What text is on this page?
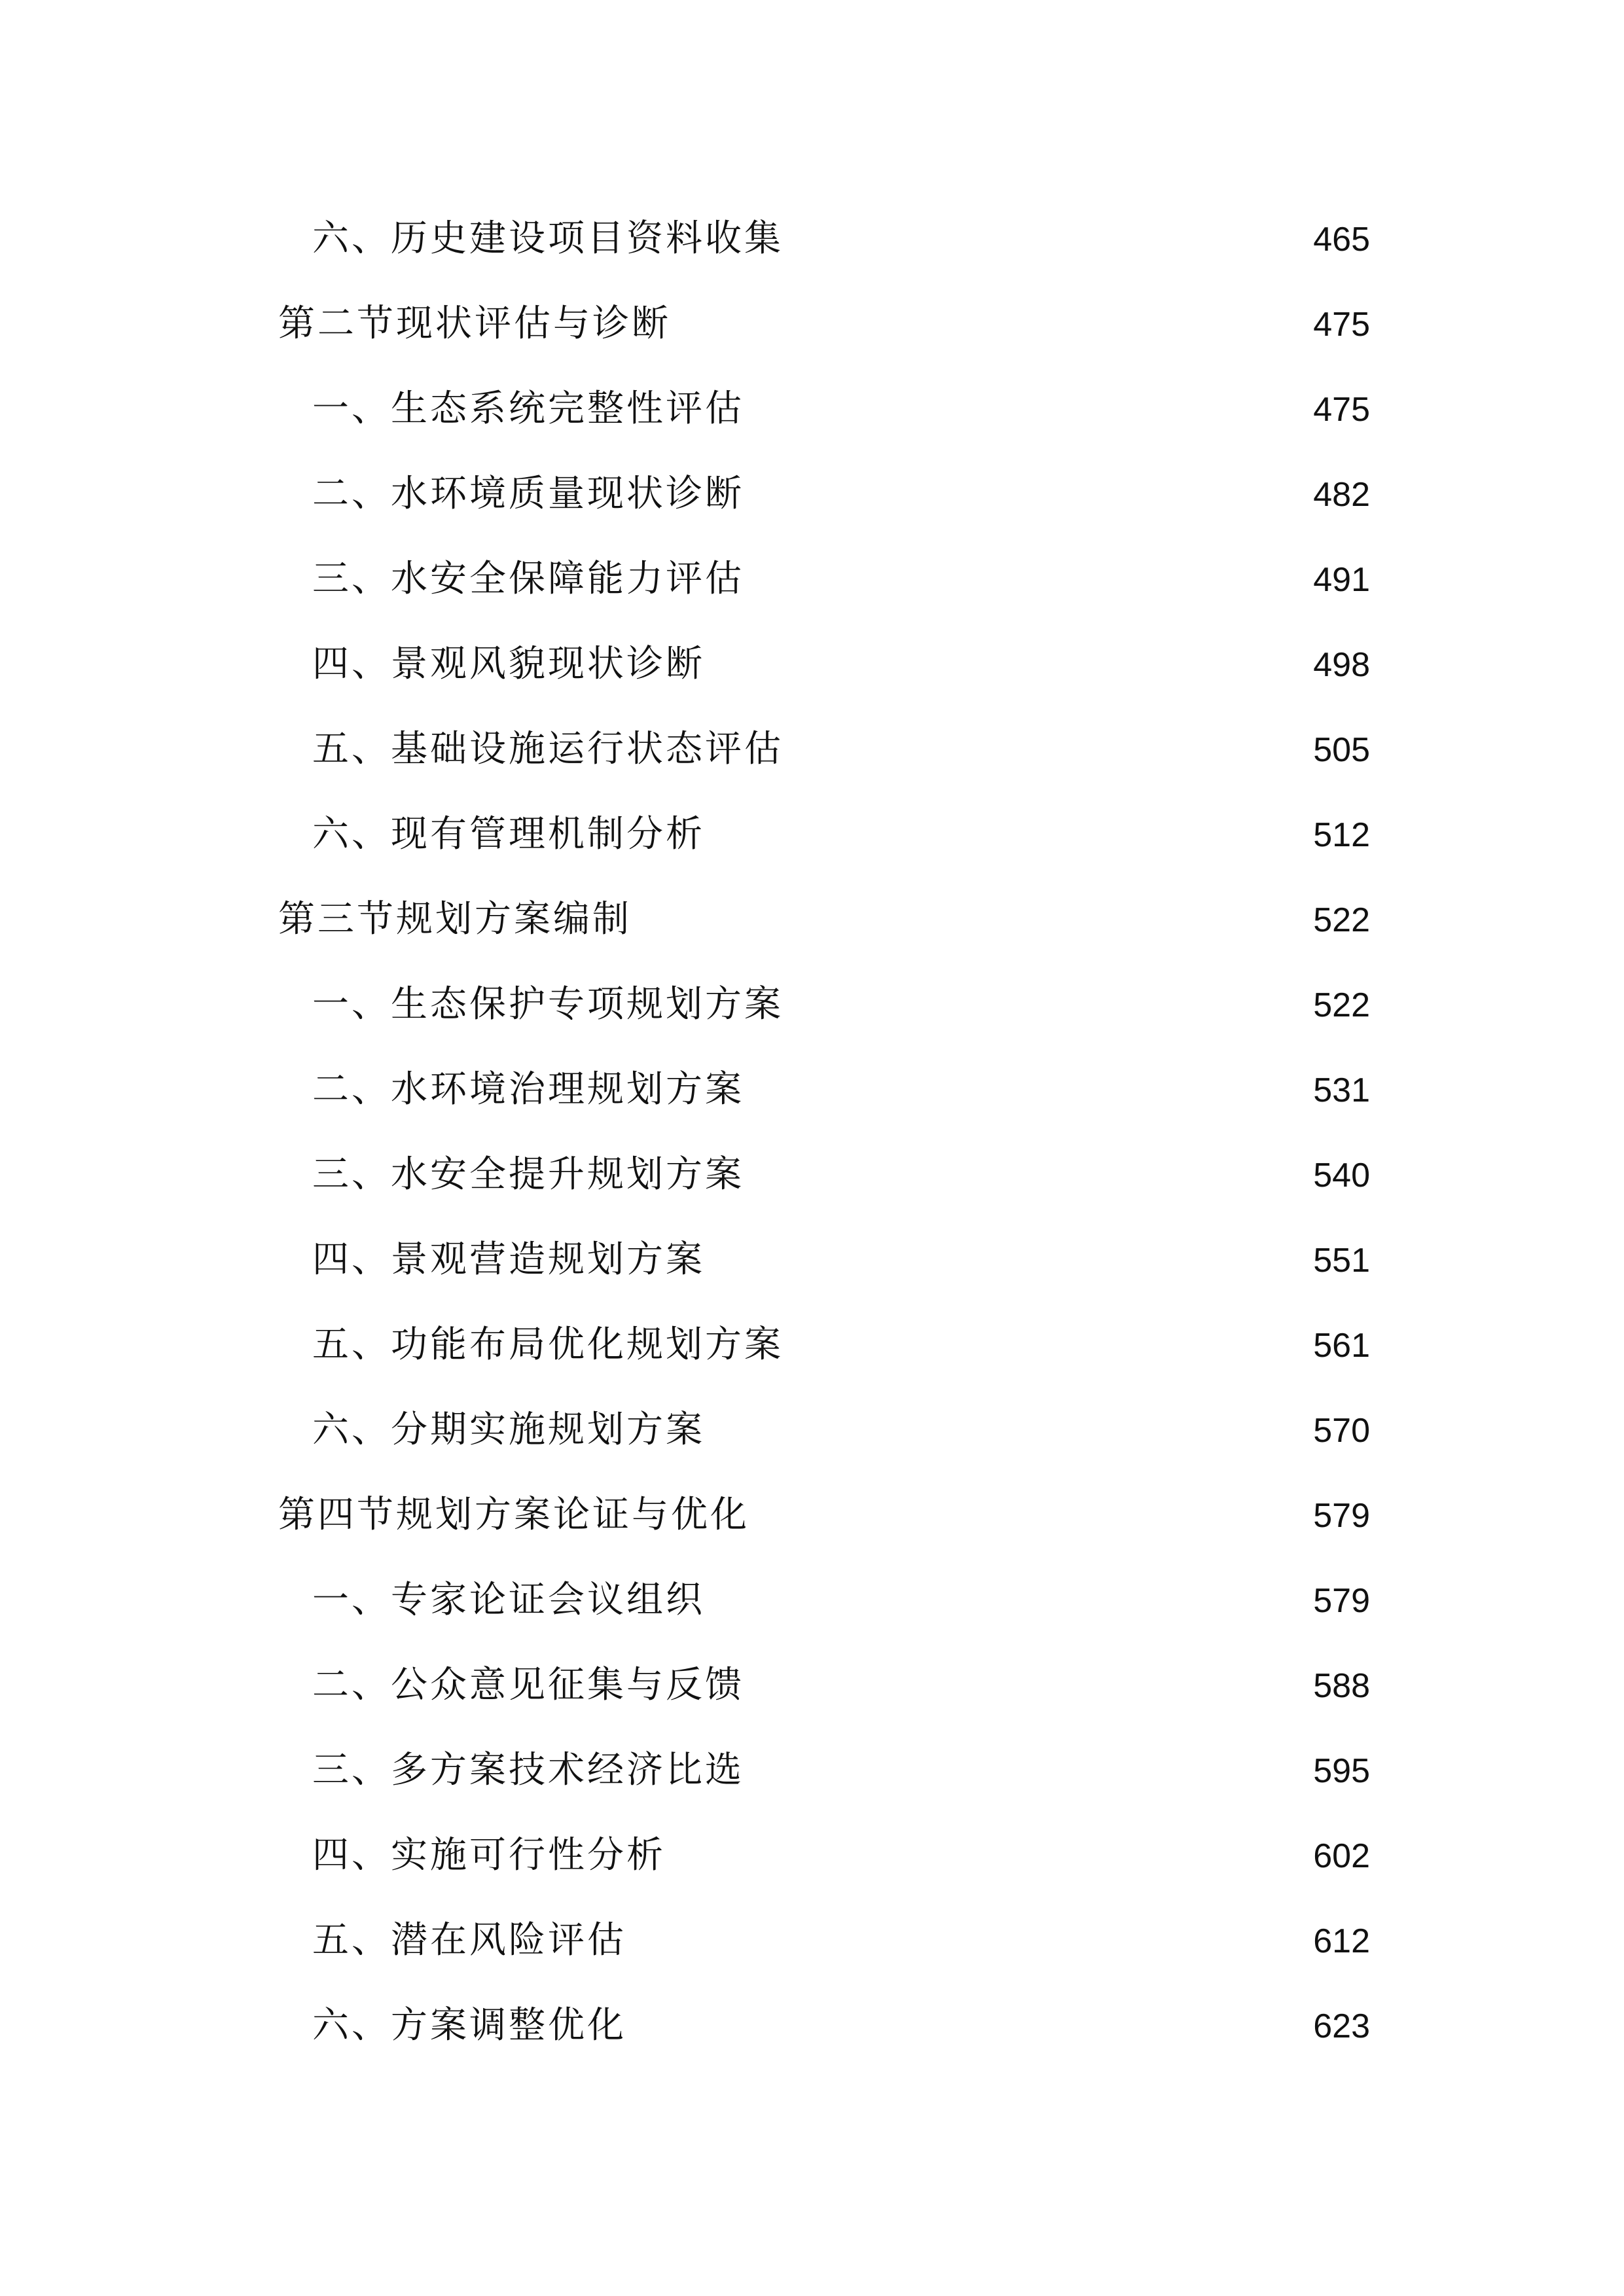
六、历史建设项目资料收集	465
第二节现状评估与诊断	475
一、生态系统完整性评估	475
二、水环境质量现状诊断	482
三、水安全保障能力评估	491
四、景观风貌现状诊断	498
五、基础设施运行状态评估	505
六、现有管理机制分析	512
第三节规划方案编制	522
一、生态保护专项规划方案	522
二、水环境治理规划方案	531
三、水安全提升规划方案	540
四、景观营造规划方案	551
五、功能布局优化规划方案	561
六、分期实施规划方案	570
第四节规划方案论证与优化	579
一、专家论证会议组织	579
二、公众意见征集与反馈	588
三、多方案技术经济比选	595
四、实施可行性分析	602
五、潜在风险评估	612
六、方案调整优化	623
